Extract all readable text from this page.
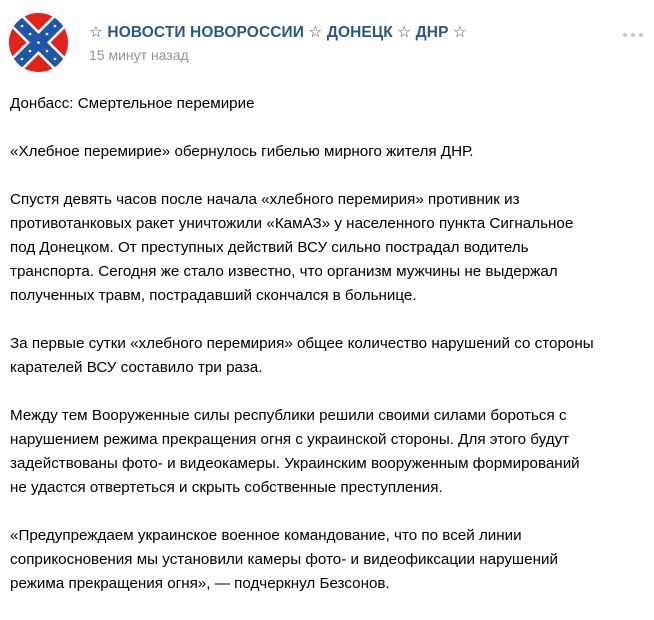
☆ НОВОСТИ НОВОРОССИИ ☆ ДОНЕЦК ☆ ДНР ☆
15 минут назад

Донбасс: Смертельное перемирие

«Хлебное перемирие» обернулось гибелью мирного жителя ДНР.

Спустя девять часов после начала «хлебного перемирия» противник из
противотанковых ракет уничтожили «КамАЗ» у населенного пункта Сигнальное
под Донецком. От преступных действий ВСУ сильно пострадал водитель
транспорта. Сегодня же стало известно, что организм мужчины не выдержал
полученных травм, пострадавший скончался в больнице.

За первые сутки «хлебного перемирия» общее количество нарушений со стороны
карателей ВСУ составило три раза.

Между тем Вооруженные силы республики решили своими силами бороться с
нарушением режима прекращения огня с украинской стороны. Для этого будут
задействованы фото- и видеокамеры. Украинским вооруженным формирований
не удастся отвертеться и скрыть собственные преступления.

«Предупреждаем украинское военное командование, что по всей линии
соприкосновения мы установили камеры фото- и видеофиксации нарушений
режима прекращения огня», — подчеркнул Безсонов.
